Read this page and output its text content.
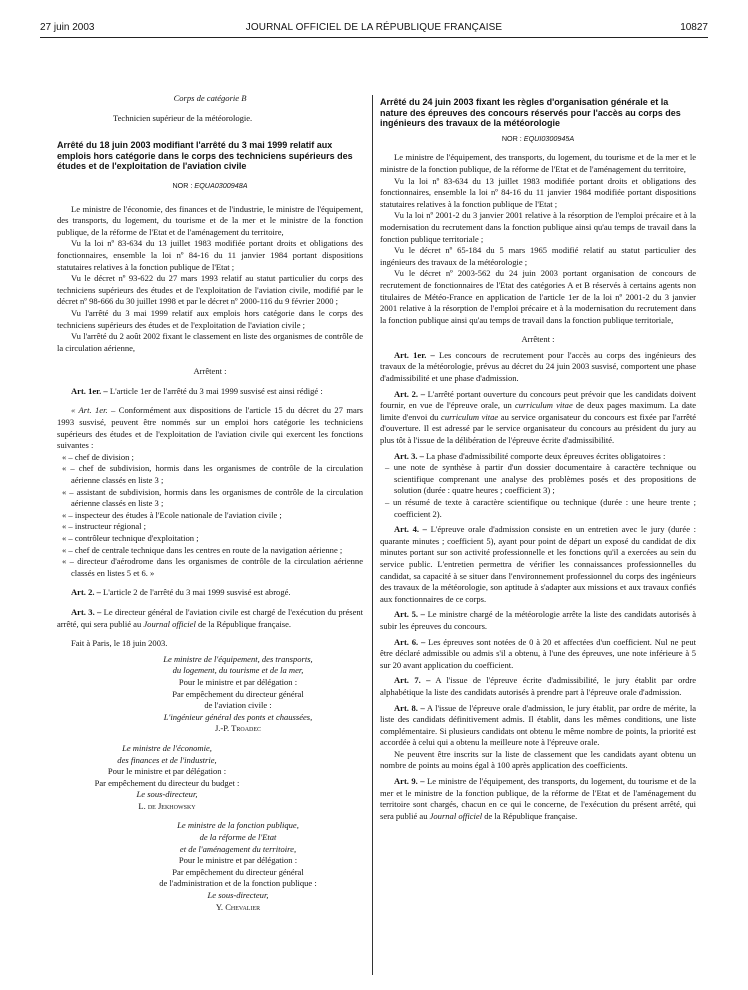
27 juin 2003	JOURNAL OFFICIEL DE LA RÉPUBLIQUE FRANÇAISE	10827

Corps de catégorie B

Technicien supérieur de la météorologie.

Arrêté du 18 juin 2003 modifiant l'arrêté du 3 mai 1999 relatif aux emplois hors catégorie dans le corps des techniciens supérieurs des études et de l'exploitation de l'aviation civile

NOR : EQUA0300948A

Le ministre de l'économie, des finances et de l'industrie, le ministre de l'équipement, des transports, du logement, du tourisme et de la mer et le ministre de la fonction publique, de la réforme de l'Etat et de l'aménagement du territoire,

Vu la loi nº 83-634 du 13 juillet 1983 modifiée portant droits et obligations des fonctionnaires, ensemble la loi nº 84-16 du 11 janvier 1984 portant dispositions statutaires relatives à la fonction publique de l'Etat ;

Vu le décret nº 93-622 du 27 mars 1993 relatif au statut particulier du corps des techniciens supérieurs des études et de l'exploitation de l'aviation civile, modifié par le décret nº 98-666 du 30 juillet 1998 et par le décret nº 2000-116 du 9 février 2000 ;

Vu l'arrêté du 3 mai 1999 relatif aux emplois hors catégorie dans le corps des techniciens supérieurs des études et de l'exploitation de l'aviation civile ;

Vu l'arrêté du 2 août 2002 fixant le classement en liste des organismes de contrôle de la circulation aérienne,

Arrêtent :

Art. 1er. – L'article 1er de l'arrêté du 3 mai 1999 susvisé est ainsi rédigé :

« Art. 1er. – Conformément aux dispositions de l'article 15 du décret du 27 mars 1993 susvisé, peuvent être nommés sur un emploi hors catégorie les techniciens supérieurs des études et de l'exploitation de l'aviation civile qui exercent les fonctions suivantes :

« – chef de division ;
« – chef de subdivision, hormis dans les organismes de contrôle de la circulation aérienne classés en liste 3 ;
« – assistant de subdivision, hormis dans les organismes de contrôle de la circulation aérienne classés en liste 3 ;
« – inspecteur des études à l'Ecole nationale de l'aviation civile ;
« – instructeur régional ;
« – contrôleur technique d'exploitation ;
« – chef de centrale technique dans les centres en route de la navigation aérienne ;
« – directeur d'aérodrome dans les organismes de contrôle de la circulation aérienne classés en listes 5 et 6. »

Art. 2. – L'article 2 de l'arrêté du 3 mai 1999 susvisé est abrogé.

Art. 3. – Le directeur général de l'aviation civile est chargé de l'exécution du présent arrêté, qui sera publié au Journal officiel de la République française.

Fait à Paris, le 18 juin 2003.

Le ministre de l'équipement, des transports,
du logement, du tourisme et de la mer,
Pour le ministre et par délégation :
Par empêchement du directeur général
de l'aviation civile :
L'ingénieur général des ponts et chaussées,
J.-P. Troadec
Le ministre de l'économie,
des finances et de l'industrie,
Pour le ministre et par délégation :
Par empêchement du directeur du budget :
Le sous-directeur,
L. de Jekhowsky
Le ministre de la fonction publique,
de la réforme de l'Etat
et de l'aménagement du territoire,
Pour le ministre et par délégation :
Par empêchement du directeur général
de l'administration et de la fonction publique :
Le sous-directeur,
Y. Chevalier

Arrêté du 24 juin 2003 fixant les règles d'organisation générale et la nature des épreuves des concours réservés pour l'accès au corps des ingénieurs des travaux de la météorologie

NOR : EQUI0300945A

Le ministre de l'équipement, des transports, du logement, du tourisme et de la mer et le ministre de la fonction publique, de la réforme de l'Etat et de l'aménagement du territoire,

Vu la loi nº 83-634 du 13 juillet 1983 modifiée portant droits et obligations des fonctionnaires, ensemble la loi nº 84-16 du 11 janvier 1984 modifiée portant dispositions statutaires relatives à la fonction publique de l'Etat ;

Vu la loi nº 2001-2 du 3 janvier 2001 relative à la résorption de l'emploi précaire et à la modernisation du recrutement dans la fonction publique ainsi qu'au temps de travail dans la fonction publique territoriale ;

Vu le décret nº 65-184 du 5 mars 1965 modifié relatif au statut particulier des ingénieurs des travaux de la météorologie ;

Vu le décret nº 2003-562 du 24 juin 2003 portant organisation de concours de recrutement de fonctionnaires de l'Etat des catégories A et B réservés à certains agents non titulaires de Météo-France en application de l'article 1er de la loi nº 2001-2 du 3 janvier 2001 relative à la résorption de l'emploi précaire et à la modernisation du recrutement dans la fonction publique ainsi qu'au temps de travail dans la fonction publique territoriale,

Arrêtent :

Art. 1er. – Les concours de recrutement pour l'accès au corps des ingénieurs des travaux de la météorologie, prévus au décret du 24 juin 2003 susvisé, comportent une phase d'admissibilité et une phase d'admission.

Art. 2. – L'arrêté portant ouverture du concours peut prévoir que les candidats doivent fournir, en vue de l'épreuve orale, un curriculum vitae de deux pages maximum. La date limite d'envoi du curriculum vitae au service organisateur du concours est fixée par l'arrêté d'ouverture. Il est adressé par le service organisateur du concours au président du jury au plus tôt à l'issue de la délibération de l'épreuve écrite d'admissibilité.

Art. 3. – La phase d'admissibilité comporte deux épreuves écrites obligatoires :

– une note de synthèse à partir d'un dossier documentaire à caractère technique ou scientifique comprenant une analyse des problèmes posés et des propositions de solution (durée : quatre heures ; coefficient 3) ;
– un résumé de texte à caractère scientifique ou technique (durée : une heure trente ; coefficient 2).

Art. 4. – L'épreuve orale d'admission consiste en un entretien avec le jury (durée : quarante minutes ; coefficient 5), ayant pour point de départ un exposé du candidat de dix minutes portant sur son activité professionnelle et les fonctions qu'il a exercées au sein du service public. L'entretien permettra de vérifier les connaissances professionnelles du candidat, sa capacité à se situer dans l'environnement professionnel du corps des ingénieurs des travaux de la météorologie, son aptitude à s'adapter aux missions et aux travaux confiés aux fonctionnaires de ce corps.

Art. 5. – Le ministre chargé de la météorologie arrête la liste des candidats autorisés à subir les épreuves du concours.

Art. 6. – Les épreuves sont notées de 0 à 20 et affectées d'un coefficient. Nul ne peut être déclaré admissible ou admis s'il a obtenu, à l'une des épreuves, une note inférieure à 5 sur 20 avant application du coefficient.

Art. 7. – A l'issue de l'épreuve écrite d'admissibilité, le jury établit par ordre alphabétique la liste des candidats autorisés à prendre part à l'épreuve orale d'admission.

Art. 8. – A l'issue de l'épreuve orale d'admission, le jury établit, par ordre de mérite, la liste des candidats définitivement admis. Il établit, dans les mêmes conditions, une liste complémentaire. Si plusieurs candidats ont obtenu le même nombre de points, la priorité est accordée à celui qui a obtenu la meilleure note à l'épreuve orale.

Ne peuvent être inscrits sur la liste de classement que les candidats ayant obtenu un nombre de points au moins égal à 100 après application des coefficients.

Art. 9. – Le ministre de l'équipement, des transports, du logement, du tourisme et de la mer et le ministre de la fonction publique, de la réforme de l'Etat et de l'aménagement du territoire sont chargés, chacun en ce qui le concerne, de l'exécution du présent arrêté, qui sera publié au Journal officiel de la République française.
